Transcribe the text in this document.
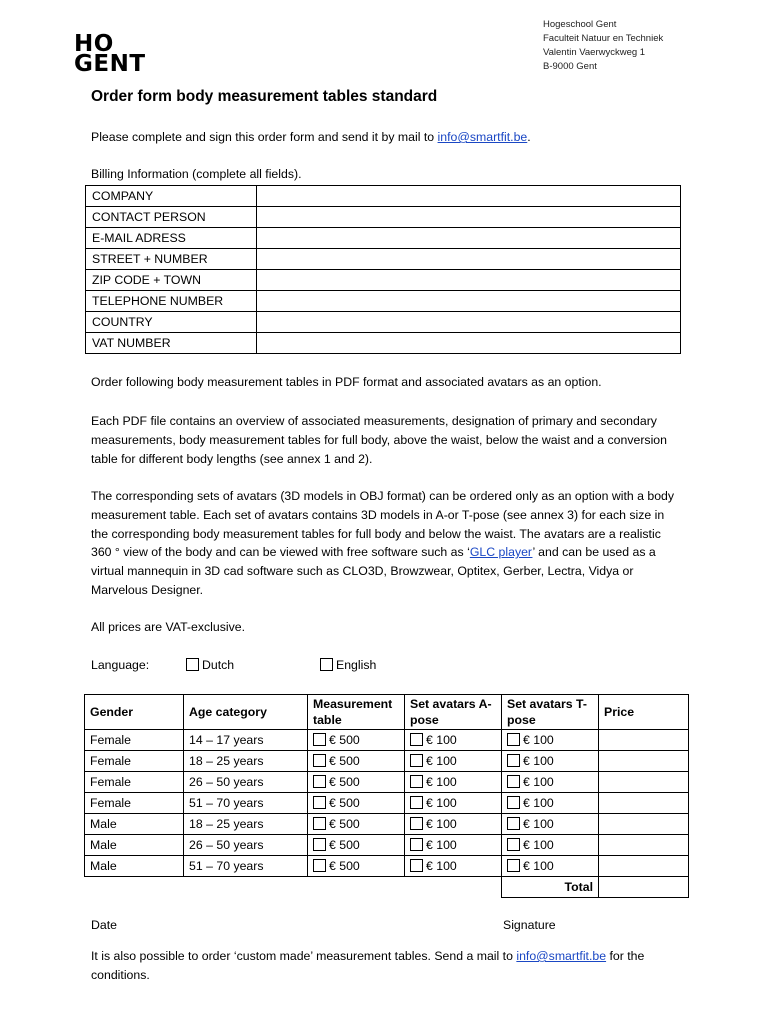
HO
GENT
Hogeschool Gent
Faculteit Natuur en Techniek
Valentin Vaerwyckweg 1
B-9000 Gent
Order form body measurement tables standard
Please complete and sign this order form and send it by mail to info@smartfit.be.
Billing Information (complete all fields).
COMPANY	
CONTACT PERSON	
E-MAIL ADRESS	
STREET + NUMBER	
ZIP CODE + TOWN	
TELEPHONE NUMBER	
COUNTRY	
VAT NUMBER	
Order following body measurement tables in PDF format and associated avatars as an option.
Each PDF file contains an overview of associated measurements, designation of primary and secondary measurements, body measurement tables for full body, above the waist, below the waist and a conversion table for different body lengths (see annex 1 and 2).
The corresponding sets of avatars (3D models in OBJ format) can be ordered only as an option with a body measurement table. Each set of avatars contains 3D models in A-or T-pose (see annex 3) for each size in the corresponding body measurement tables for full body and below the waist. The avatars are a realistic 360 ° view of the body and can be viewed with free software such as ‘GLC player’ and can be used as a virtual mannequin in 3D cad software such as CLO3D, Browzwear, Optitex, Gerber, Lectra, Vidya or Marvelous Designer.
All prices are VAT-exclusive.
Language:	Dutch	English
Gender	Age category	Measurement table	Set avatars A-pose	Set avatars T-pose	Price
Female	14 – 17 years	€ 500	€ 100	€ 100	
Female	18 – 25 years	€ 500	€ 100	€ 100	
Female	26 – 50 years	€ 500	€ 100	€ 100	
Female	51 – 70 years	€ 500	€ 100	€ 100	
Male	18 – 25 years	€ 500	€ 100	€ 100	
Male	26 – 50 years	€ 500	€ 100	€ 100	
Male	51 – 70 years	€ 500	€ 100	€ 100	
				Total	
Date	Signature
It is also possible to order ‘custom made’ measurement tables. Send a mail to info@smartfit.be for the conditions.
